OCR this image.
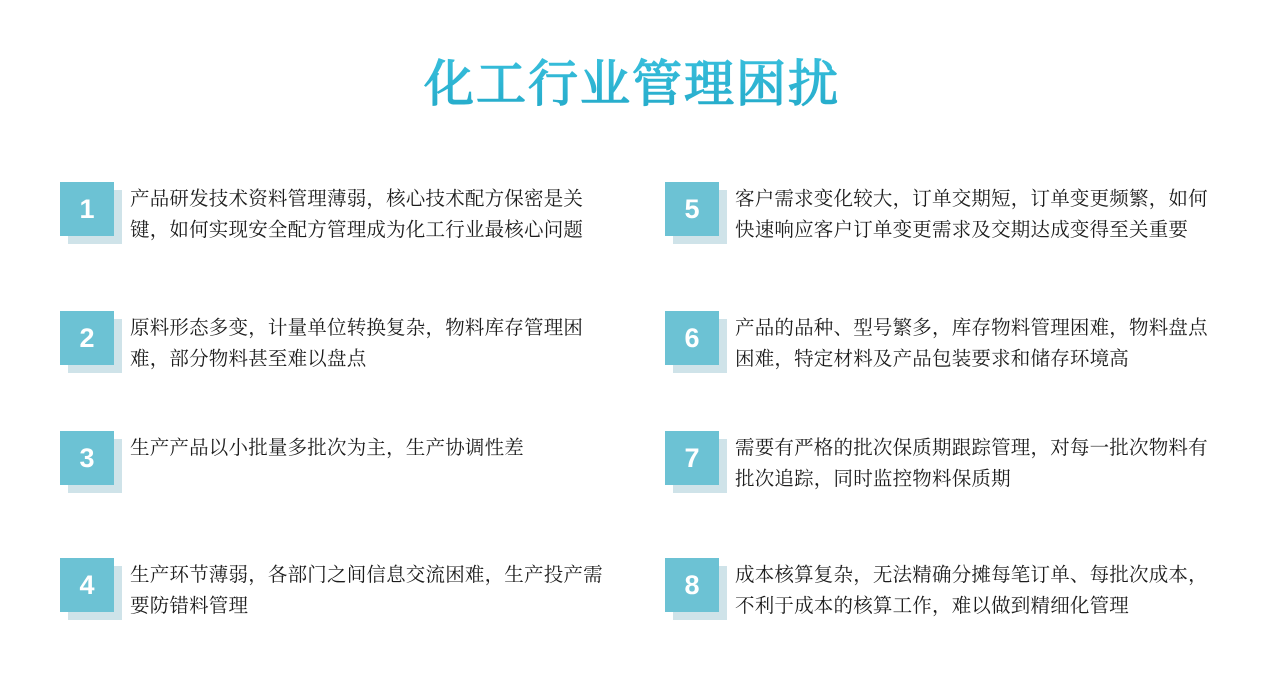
化工行业管理困扰
1	产品研发技术资料管理薄弱，核心技术配方保密是关键，如何实现安全配方管理成为化工行业最核心问题
2	原料形态多变，计量单位转换复杂，物料库存管理困难，部分物料甚至难以盘点
3	生产产品以小批量多批次为主，生产协调性差
4	生产环节薄弱，各部门之间信息交流困难，生产投产需要防错料管理
5	客户需求变化较大，订单交期短，订单变更频繁，如何快速响应客户订单变更需求及交期达成变得至关重要
6	产品的品种、型号繁多，库存物料管理困难，物料盘点困难，特定材料及产品包装要求和储存环境高
7	需要有严格的批次保质期跟踪管理，对每一批次物料有批次追踪，同时监控物料保质期
8	成本核算复杂，无法精确分摊每笔订单、每批次成本，不利于成本的核算工作，难以做到精细化管理
